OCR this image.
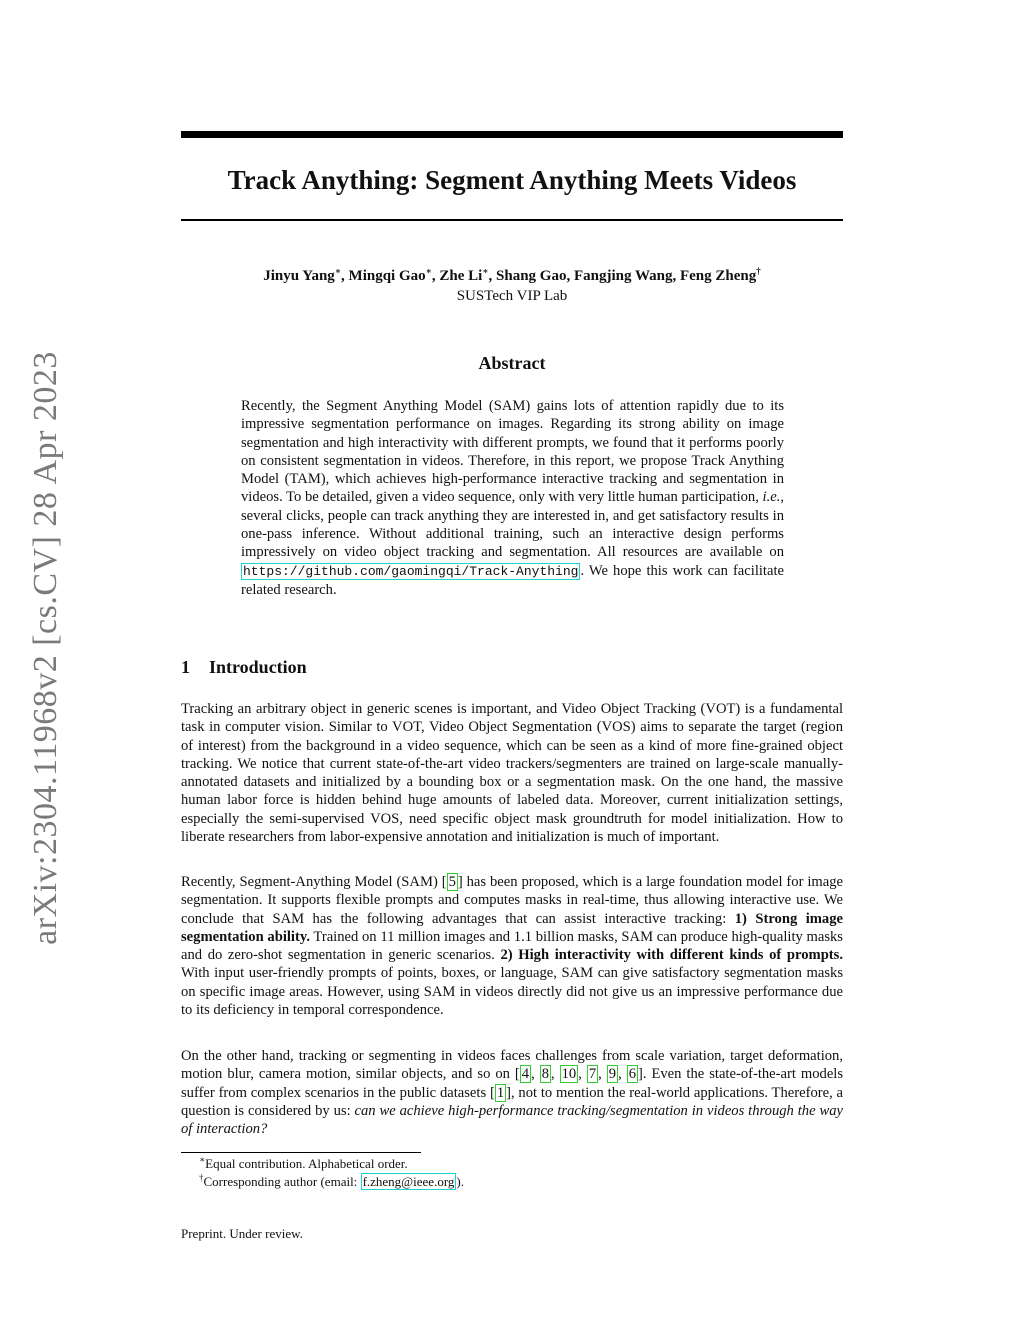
arXiv:2304.11968v2 [cs.CV] 28 Apr 2023
Track Anything: Segment Anything Meets Videos
Jinyu Yang∗, Mingqi Gao∗, Zhe Li∗, Shang Gao, Fangjing Wang, Feng Zheng†
SUSTech VIP Lab
Abstract
Recently, the Segment Anything Model (SAM) gains lots of attention rapidly due to its impressive segmentation performance on images. Regarding its strong ability on image segmentation and high interactivity with different prompts, we found that it performs poorly on consistent segmentation in videos. Therefore, in this report, we propose Track Anything Model (TAM), which achieves high-performance interactive tracking and segmentation in videos. To be detailed, given a video sequence, only with very little human participation, i.e., several clicks, people can track anything they are interested in, and get satisfactory results in one-pass inference. Without additional training, such an interactive design performs impressively on video object tracking and segmentation. All resources are available on https://github.com/gaomingqi/Track-Anything . We hope this work can facilitate related research.
1 Introduction
Tracking an arbitrary object in generic scenes is important, and Video Object Tracking (VOT) is a fundamental task in computer vision. Similar to VOT, Video Object Segmentation (VOS) aims to separate the target (region of interest) from the background in a video sequence, which can be seen as a kind of more fine-grained object tracking. We notice that current state-of-the-art video trackers/segmenters are trained on large-scale manually-annotated datasets and initialized by a bounding box or a segmentation mask. On the one hand, the massive human labor force is hidden behind huge amounts of labeled data. Moreover, current initialization settings, especially the semi-supervised VOS, need specific object mask groundtruth for model initialization. How to liberate researchers from labor-expensive annotation and initialization is much of important.
Recently, Segment-Anything Model (SAM) [ 5 ] has been proposed, which is a large foundation model for image segmentation. It supports flexible prompts and computes masks in real-time, thus allowing interactive use. We conclude that SAM has the following advantages that can assist interactive tracking: 1) Strong image segmentation ability. Trained on 11 million images and 1.1 billion masks, SAM can produce high-quality masks and do zero-shot segmentation in generic scenarios. 2) High interactivity with different kinds of prompts. With input user-friendly prompts of points, boxes, or language, SAM can give satisfactory segmentation masks on specific image areas. However, using SAM in videos directly did not give us an impressive performance due to its deficiency in temporal correspondence.
On the other hand, tracking or segmenting in videos faces challenges from scale variation, target deformation, motion blur, camera motion, similar objects, and so on [ 4 , 8 , 10 , 7 , 9 , 6 ]. Even the state-of-the-art models suffer from complex scenarios in the public datasets [ 1 ], not to mention the real-world applications. Therefore, a question is considered by us: can we achieve high-performance tracking/segmentation in videos through the way of interaction?
∗Equal contribution. Alphabetical order.
†Corresponding author (email: f.zheng@ieee.org ).
Preprint. Under review.
